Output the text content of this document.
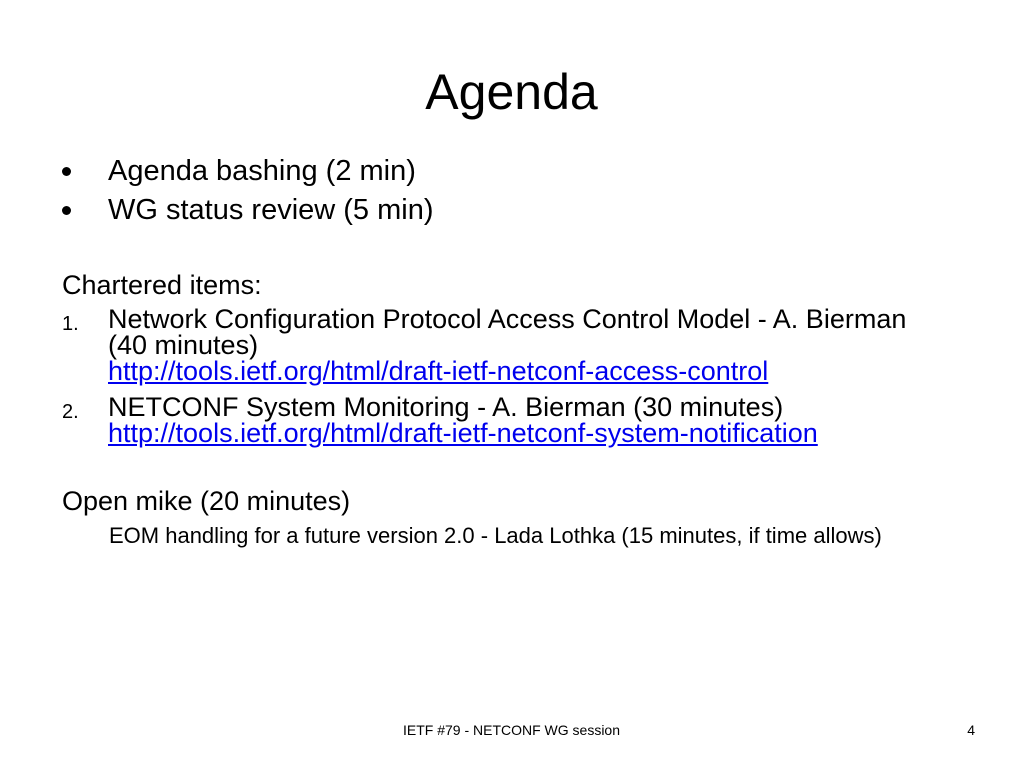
Agenda
Agenda bashing (2 min)
WG status review (5 min)
Chartered items:
1. Network Configuration Protocol Access Control Model - A. Bierman (40 minutes)
http://tools.ietf.org/html/draft-ietf-netconf-access-control
2. NETCONF System Monitoring - A. Bierman (30 minutes)
http://tools.ietf.org/html/draft-ietf-netconf-system-notification
Open mike (20 minutes)
EOM handling for a future version 2.0 - Lada Lothka (15 minutes, if time allows)
IETF #79 - NETCONF WG session	4
